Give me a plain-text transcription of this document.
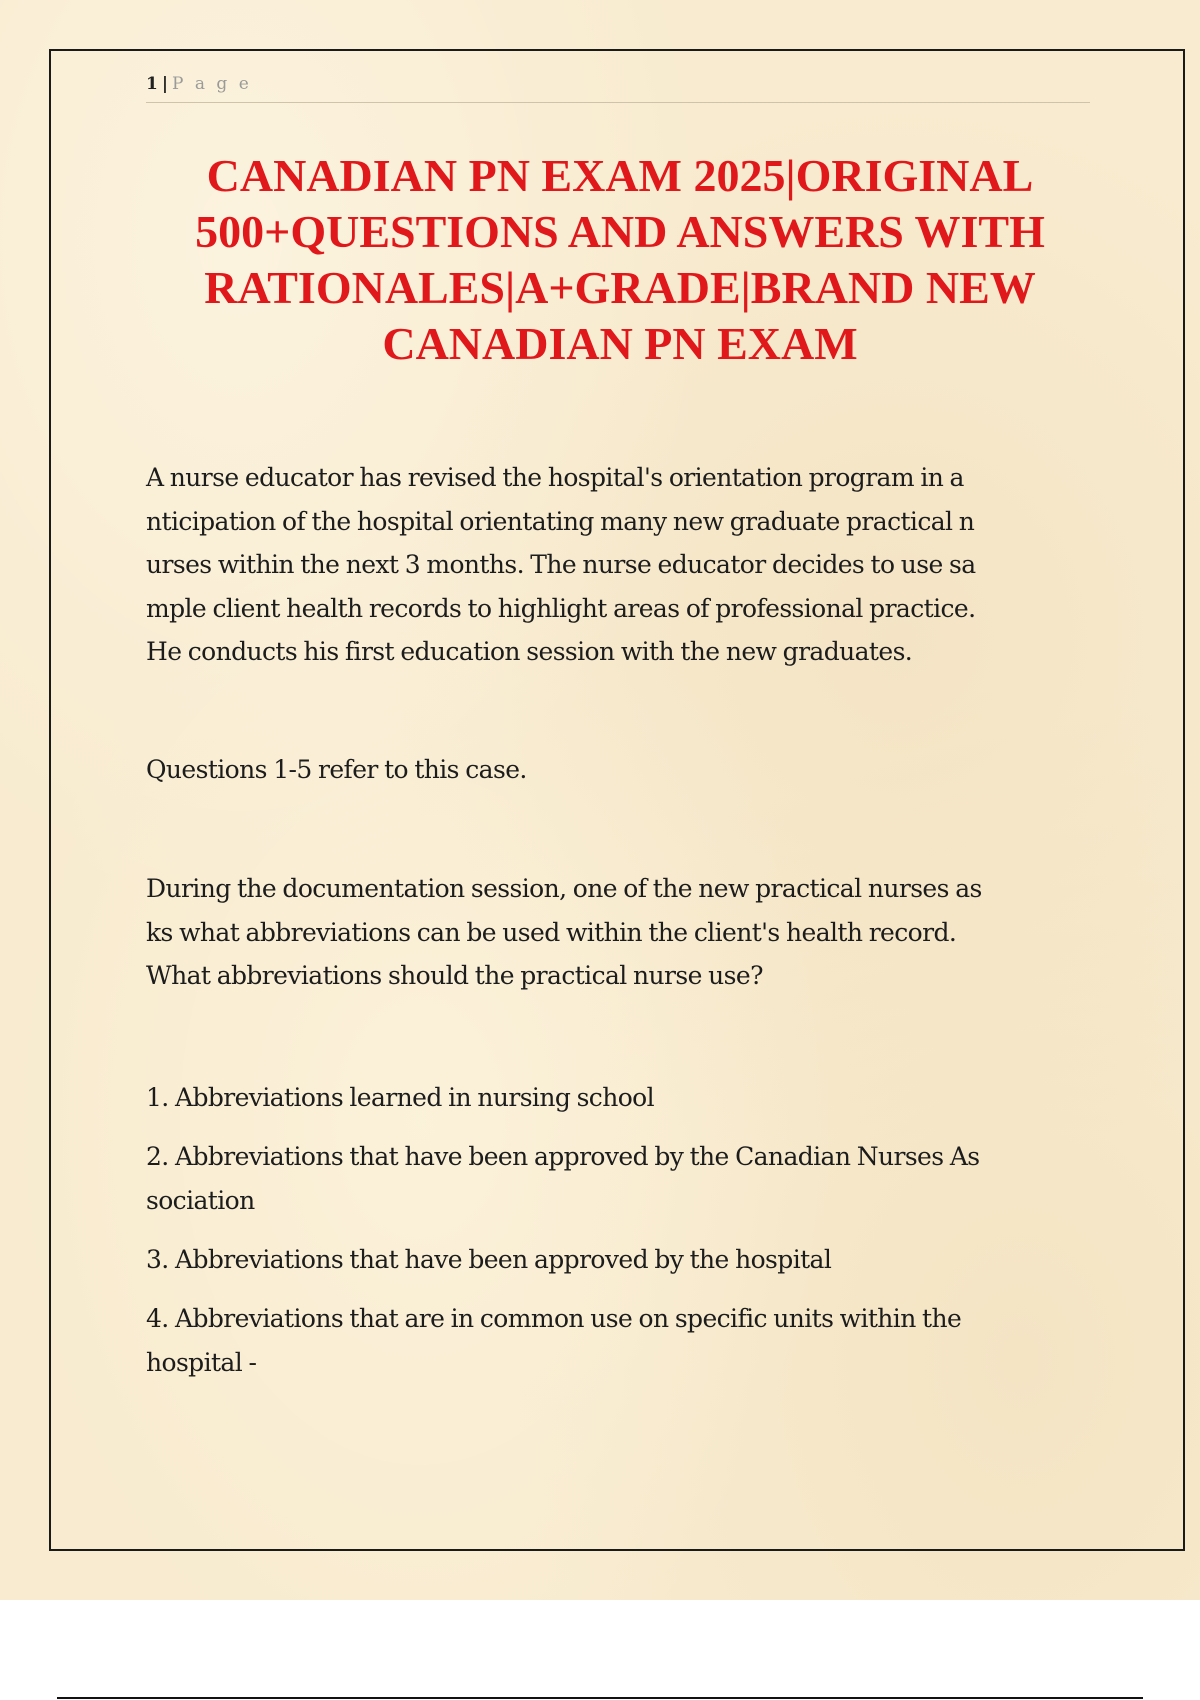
1 | P a g e
CANADIAN PN EXAM 2025|ORIGINAL
500+QUESTIONS AND ANSWERS WITH
RATIONALES|A+GRADE|BRAND NEW
CANADIAN PN EXAM
A nurse educator has revised the hospital's orientation program in a
nticipation of the hospital orientating many new graduate practical n
urses within the next 3 months. The nurse educator decides to use sa
mple client health records to highlight areas of professional practice.
He conducts his first education session with the new graduates.
Questions 1-5 refer to this case.
During the documentation session, one of the new practical nurses as
ks what abbreviations can be used within the client's health record.
What abbreviations should the practical nurse use?
1. Abbreviations learned in nursing school
2. Abbreviations that have been approved by the Canadian Nurses As
sociation
3. Abbreviations that have been approved by the hospital
4. Abbreviations that are in common use on specific units within the
hospital -
